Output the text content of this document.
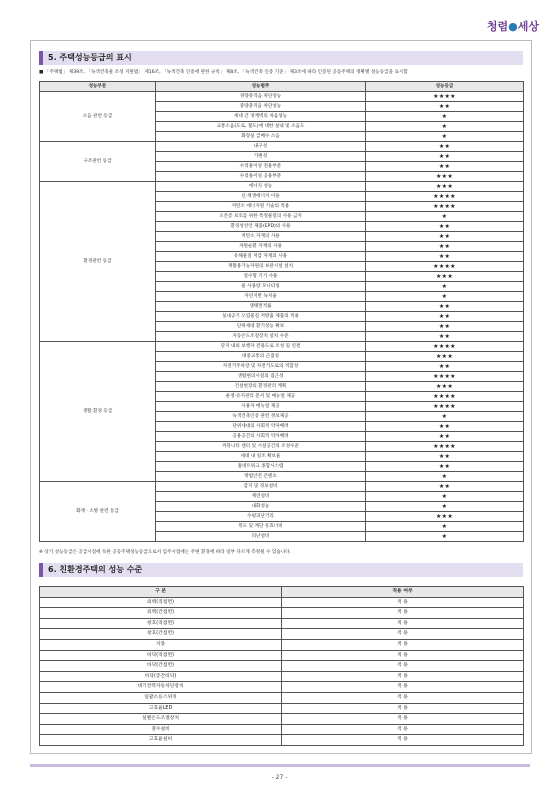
청렴●세상
5. 주택성능등급의 표시
■ 「주택법」 제39조, 「녹색건축물 조성 지원법」 제16조, 「녹색건축 인증에 관한 규칙」 제8조, 「녹색건축 인증 기준」 제3조에 따라 인증된 공동주택의 정확별 성능등급을 표시함
성능부문	성능범주	성능등급
소음 관련 등급	경량충격음 차단성능	★★★★
	중량충격음 차단성능	★★
	세대 간 경계벽의 차음성능	★
	교통소음(도로, 철도)에 대한 실내 및 소음도	★
	화장실 급배수 소음	★
구조관련 등급	내구성	★★
	가변성	★★
	수리용이성 전용부분	★★
	수리용이성 공용부분	★★★
환경관련 등급	에너지 성능	★★★
	신·재생에너지 이용	★★★★
	저탄소 에너지원 기술의 적용	★★★★
	오존층 보호를 위한 특정물질의 사용 금지	★
	환경성선언 제품(EPD)의 사용	★★
	저탄소 자재의 사용	★★
	자원순환 자재의 사용	★★
	유해물질 저감 자재의 사용	★★
	재활용가능자원의 보관시설 설치	★★★★
	절수형 기기 사용	★★★
	물 사용량 모니터링	★
	자연지반 녹지율	★
	생태면적률	★★
	실내공기 오염물질 저방출 제품의 적용	★★
	단위세대 환기성능 확보	★★
	자동온도조절장치 설치 수준	★★
생활 환경 등급	단지 내외 보행자 전용도로 조성 및 연결	★★★★
	대중교통의 근접성	★★★
	자전거주차장 및 자전거도로의 적합성	★★
	생활편의시설의 접근성	★★★★
	건설현장의 환경관리 계획	★★★
	운영·유지관리 문서 및 매뉴얼 제공	★★★★
	사용자 매뉴얼 제공	★★★★
	녹색건축인증 관련 정보제공	★
	단위세대의 사회적 약자배려	★★
	공용공간의 사회적 약자배려	★★
	커뮤니티 센터 및 시설공간의 조성수준	★★★★
	세대 내 일조 확보율	★★
	홈네트워크 종합시스템	★★
	방범안전 콘텐츠	★
화재 · 소방 관련 등급	감지 및 경보설비	★★
	제연설비	★
	내화성능	★
	수평피난거리	★★★
	복도 및 계단 유효너비	★
	피난설비	★
※ 상기 성능등급은 공급시점에 득한 공동주택성능등급으로서 입주시점에는 주변 환경에 따라 일부 다르게 측정될 수 있습니다.
6. 친환경주택의 성능 수준
구 분	적용 여부
외벽(직접면)	적 용
외벽(간접면)	적 용
창호(직접면)	적 용
창호(간접면)	적 용
지붕	적 용
바닥(직접면)	적 용
바닥(간접면)	적 용
바닥(층간바닥)	적 용
대기전력자동차단장치	적 용
일괄소등스위치	적 용
고효율LED	적 용
실별온도조절장치	적 용
절수설비	적 용
고효율설비	적 용
- 27 -
